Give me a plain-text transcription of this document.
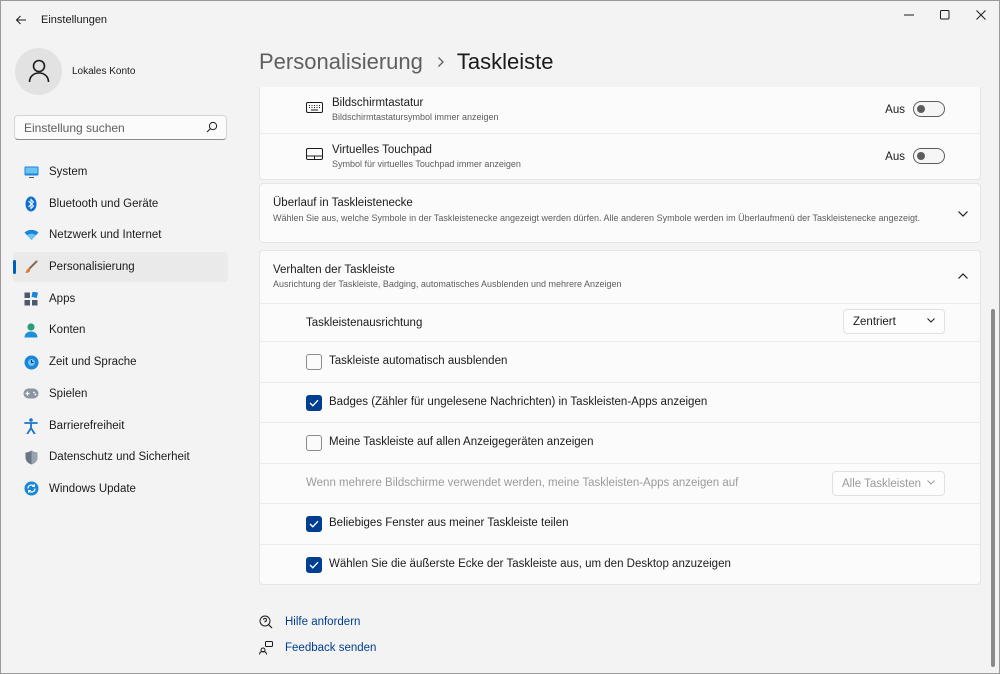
Einstellungen
Lokales Konto
Einstellung suchen
System
Bluetooth und Geräte
Netzwerk und Internet
Personalisierung
Apps
Konten
Zeit und Sprache
Spielen
Barrierefreiheit
Datenschutz und Sicherheit
Windows Update
Personalisierung Taskleiste
Bildschirmtastatur
Bildschirmtastatursymbol immer anzeigen
Aus
Virtuelles Touchpad
Symbol für virtuelles Touchpad immer anzeigen
Aus
Überlauf in Taskleistenecke
Wählen Sie aus, welche Symbole in der Taskleistenecke angezeigt werden dürfen. Alle anderen Symbole werden im Überlaufmenü der Taskleistenecke angezeigt.
Verhalten der Taskleiste
Ausrichtung der Taskleiste, Badging, automatisches Ausblenden und mehrere Anzeigen
Taskleistenausrichtung	Zentriert
Taskleiste automatisch ausblenden
Badges (Zähler für ungelesene Nachrichten) in Taskleisten-Apps anzeigen
Meine Taskleiste auf allen Anzeigegeräten anzeigen
Wenn mehrere Bildschirme verwendet werden, meine Taskleisten-Apps anzeigen auf	Alle Taskleisten
Beliebiges Fenster aus meiner Taskleiste teilen
Wählen Sie die äußerste Ecke der Taskleiste aus, um den Desktop anzuzeigen
Hilfe anfordern
Feedback senden
